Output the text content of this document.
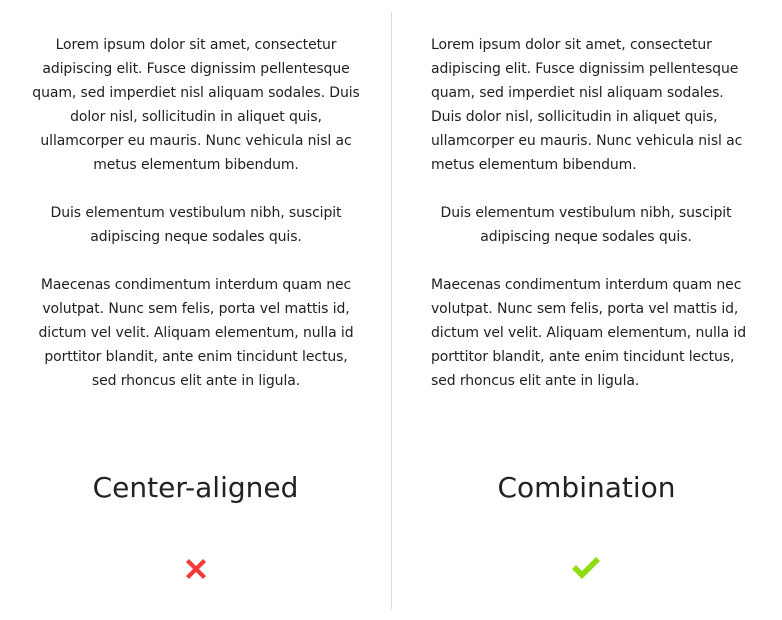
Lorem ipsum dolor sit amet, consectetur adipiscing elit. Fusce dignissim pellentesque quam, sed imperdiet nisl aliquam sodales. Duis dolor nisl, sollicitudin in aliquet quis, ullamcorper eu mauris. Nunc vehicula nisl ac metus elementum bibendum.

Duis elementum vestibulum nibh, suscipit adipiscing neque sodales quis.

Maecenas condimentum interdum quam nec volutpat. Nunc sem felis, porta vel mattis id, dictum vel velit. Aliquam elementum, nulla id porttitor blandit, ante enim tincidunt lectus, sed rhoncus elit ante in ligula.

Lorem ipsum dolor sit amet, consectetur adipiscing elit. Fusce dignissim pellentesque quam, sed imperdiet nisl aliquam sodales. Duis dolor nisl, sollicitudin in aliquet quis, ullamcorper eu mauris. Nunc vehicula nisl ac metus elementum bibendum.

Duis elementum vestibulum nibh, suscipit adipiscing neque sodales quis.

Maecenas condimentum interdum quam nec volutpat. Nunc sem felis, porta vel mattis id, dictum vel velit. Aliquam elementum, nulla id porttitor blandit, ante enim tincidunt lectus, sed rhoncus elit ante in ligula.

Center-aligned	Combination
